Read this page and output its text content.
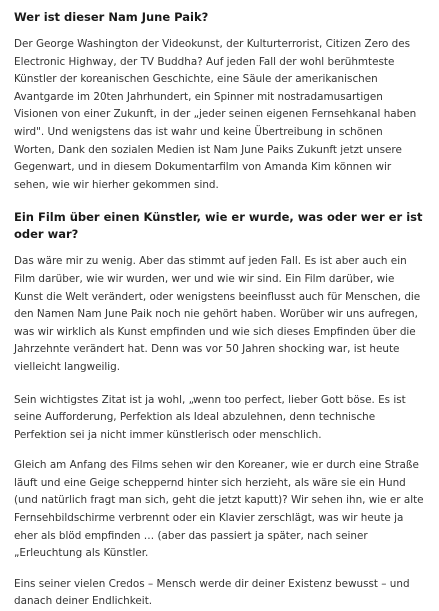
Wer ist dieser Nam June Paik?

Der George Washington der Videokunst, der Kulturterrorist, Citizen Zero des Electronic Highway, der TV Buddha? Auf jeden Fall der wohl berühmteste Künstler der koreanischen Geschichte, eine Säule der amerikanischen Avantgarde im 20ten Jahrhundert, ein Spinner mit nostradamusartigen Visionen von einer Zukunft, in der „jeder seinen eigenen Fernsehkanal haben wird". Und wenigstens das ist wahr und keine Übertreibung in schönen Worten, Dank den sozialen Medien ist Nam June Paiks Zukunft jetzt unsere Gegenwart, und in diesem Dokumentarfilm von Amanda Kim können wir sehen, wie wir hierher gekommen sind.

Ein Film über einen Künstler, wie er wurde, was oder wer er ist oder war?

Das wäre mir zu wenig. Aber das stimmt auf jeden Fall. Es ist aber auch ein Film darüber, wie wir wurden, wer und wie wir sind. Ein Film darüber, wie Kunst die Welt verändert, oder wenigstens beeinflusst auch für Menschen, die den Namen Nam June Paik noch nie gehört haben. Worüber wir uns aufregen, was wir wirklich als Kunst empfinden und wie sich dieses Empfinden über die Jahrzehnte verändert hat. Denn was vor 50 Jahren shocking war, ist heute vielleicht langweilig.

Sein wichtigstes Zitat ist ja wohl, „wenn too perfect, lieber Gott böse. Es ist seine Aufforderung, Perfektion als Ideal abzulehnen, denn technische Perfektion sei ja nicht immer künstlerisch oder menschlich.

Gleich am Anfang des Films sehen wir den Koreaner, wie er durch eine Straße läuft und eine Geige scheppernd hinter sich herzieht, als wäre sie ein Hund (und natürlich fragt man sich, geht die jetzt kaputt)? Wir sehen ihn, wie er alte Fernsehbildschirme verbrennt oder ein Klavier zerschlägt, was wir heute ja eher als blöd empfinden … (aber das passiert ja später, nach seiner „Erleuchtung als Künstler.

Eins seiner vielen Credos – Mensch werde dir deiner Existenz bewusst – und danach deiner Endlichkeit.
